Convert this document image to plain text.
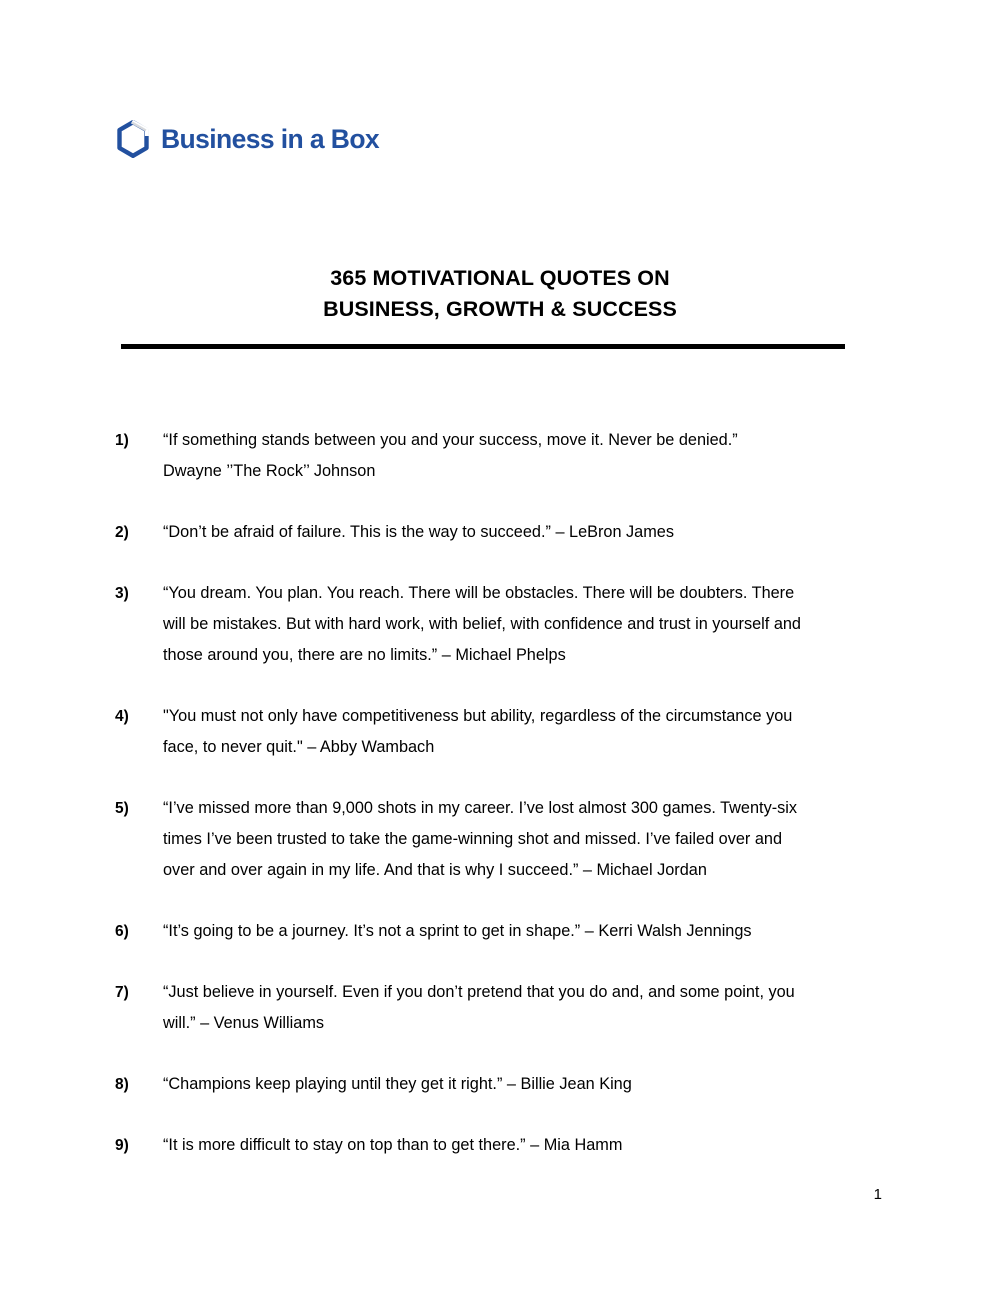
Business in a Box
365 MOTIVATIONAL QUOTES ON
BUSINESS, GROWTH & SUCCESS
1)	“If something stands between you and your success, move it. Never be denied.”
Dwayne ’’The Rock’’ Johnson
2)	“Don’t be afraid of failure. This is the way to succeed.” – LeBron James
3)	“You dream. You plan. You reach. There will be obstacles. There will be doubters. There
will be mistakes. But with hard work, with belief, with confidence and trust in yourself and
those around you, there are no limits.” – Michael Phelps
4)	"You must not only have competitiveness but ability, regardless of the circumstance you
face, to never quit." – Abby Wambach
5)	“I’ve missed more than 9,000 shots in my career. I’ve lost almost 300 games. Twenty-six
times I’ve been trusted to take the game-winning shot and missed. I’ve failed over and
over and over again in my life. And that is why I succeed.” – Michael Jordan
6)	“It’s going to be a journey. It’s not a sprint to get in shape.” – Kerri Walsh Jennings
7)	“Just believe in yourself. Even if you don’t pretend that you do and, and some point, you
will.” – Venus Williams
8)	“Champions keep playing until they get it right.” – Billie Jean King
9)	“It is more difficult to stay on top than to get there.” – Mia Hamm
1
